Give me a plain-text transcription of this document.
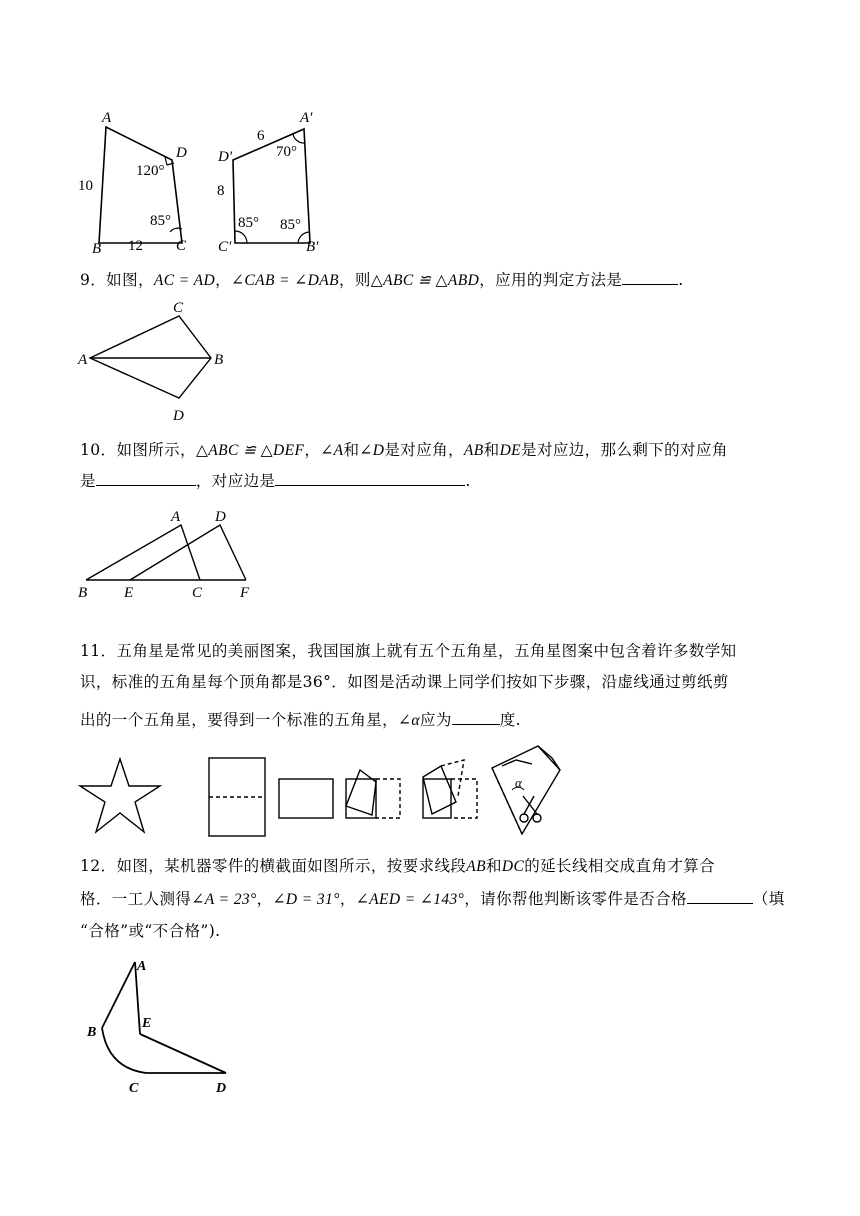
A
B	C
D
10
12
120°
85°
A′
D′
C′	B′
6
8
70°
85° 85°
9．如图，AC = AD，∠CAB = ∠DAB，则△ABC ≌ △ABD，应用的判定方法是	.
A	B
C
D
10．如图所示，△ABC ≌ △DEF，∠A和∠D是对应角，AB和DE是对应边，那么剩下的对应角
是	，对应边是	.
A D
B E	C	F
11．五角星是常见的美丽图案，我国国旗上就有五个五角星，五角星图案中包含着许多数学知
识，标准的五角星每个顶角都是36°．如图是活动课上同学们按如下步骤，沿虚线通过剪纸剪
出的一个五角星，要得到一个标准的五角星，∠α应为	度.
α
12．如图，某机器零件的横截面如图所示，按要求线段AB和DC的延长线相交成直角才算合
格．一工人测得∠A = 23°，∠D = 31°，∠AED = ∠143°，请你帮他判断该零件是否合格	（填
“合格”或“不合格”).
A
B
E
C	D
